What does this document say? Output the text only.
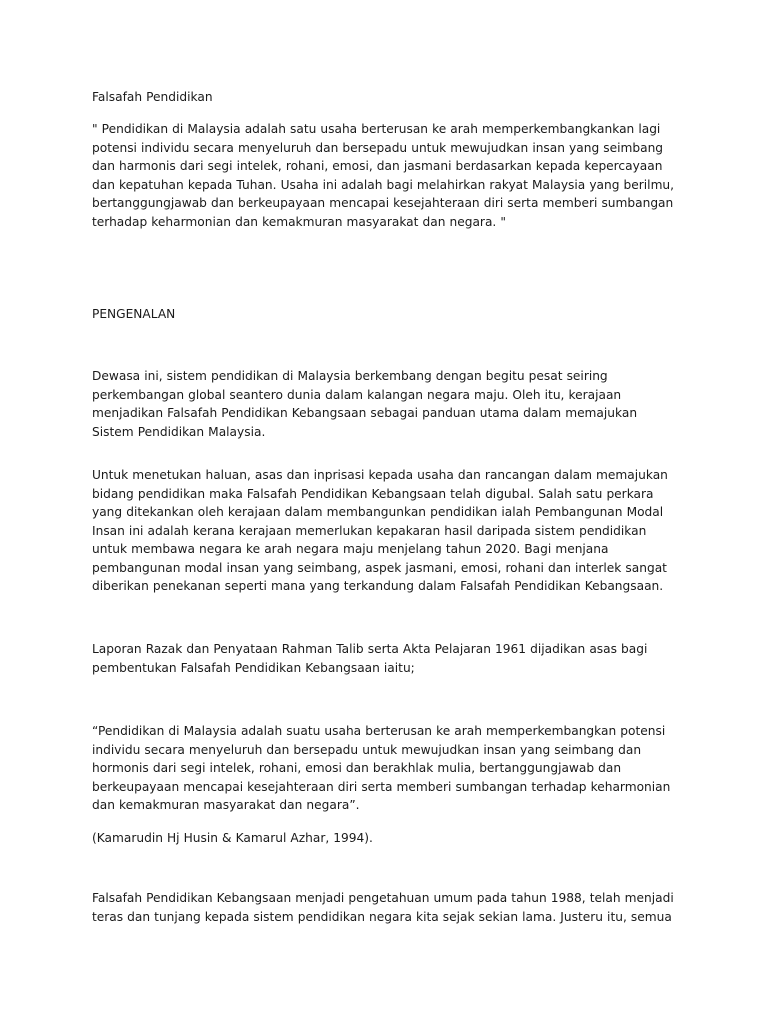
Falsafah Pendidikan

" Pendidikan di Malaysia adalah satu usaha berterusan ke arah memperkembangkankan lagi potensi individu secara menyeluruh dan bersepadu untuk mewujudkan insan yang seimbang dan harmonis dari segi intelek, rohani, emosi, dan jasmani berdasarkan kepada kepercayaan dan kepatuhan kepada Tuhan. Usaha ini adalah bagi melahirkan rakyat Malaysia yang berilmu, bertanggungjawab dan berkeupayaan mencapai kesejahteraan diri serta memberi sumbangan terhadap keharmonian dan kemakmuran masyarakat dan negara. "

PENGENALAN

Dewasa ini, sistem pendidikan di Malaysia berkembang dengan begitu pesat seiring perkembangan global seantero dunia dalam kalangan negara maju. Oleh itu, kerajaan menjadikan Falsafah Pendidikan Kebangsaan sebagai panduan utama dalam memajukan Sistem Pendidikan Malaysia.

Untuk menetukan haluan, asas dan inprisasi kepada usaha dan rancangan dalam memajukan bidang pendidikan maka Falsafah Pendidikan Kebangsaan telah digubal. Salah satu perkara yang ditekankan oleh kerajaan dalam membangunkan pendidikan ialah Pembangunan Modal Insan ini adalah kerana kerajaan memerlukan kepakaran hasil daripada sistem pendidikan untuk membawa negara ke arah negara maju menjelang tahun 2020. Bagi menjana pembangunan modal insan yang seimbang, aspek jasmani, emosi, rohani dan interlek sangat diberikan penekanan seperti mana yang terkandung dalam Falsafah Pendidikan Kebangsaan.

Laporan Razak dan Penyataan Rahman Talib serta Akta Pelajaran 1961 dijadikan asas bagi pembentukan Falsafah Pendidikan Kebangsaan iaitu;

“Pendidikan di Malaysia adalah suatu usaha berterusan ke arah memperkembangkan potensi individu secara menyeluruh dan bersepadu untuk mewujudkan insan yang seimbang dan hormonis dari segi intelek, rohani, emosi dan berakhlak mulia, bertanggungjawab dan berkeupayaan mencapai kesejahteraan diri serta memberi sumbangan terhadap keharmonian dan kemakmuran masyarakat dan negara”.

(Kamarudin Hj Husin & Kamarul Azhar, 1994).

Falsafah Pendidikan Kebangsaan menjadi pengetahuan umum pada tahun 1988, telah menjadi teras dan tunjang kepada sistem pendidikan negara kita sejak sekian lama. Justeru itu, semua
